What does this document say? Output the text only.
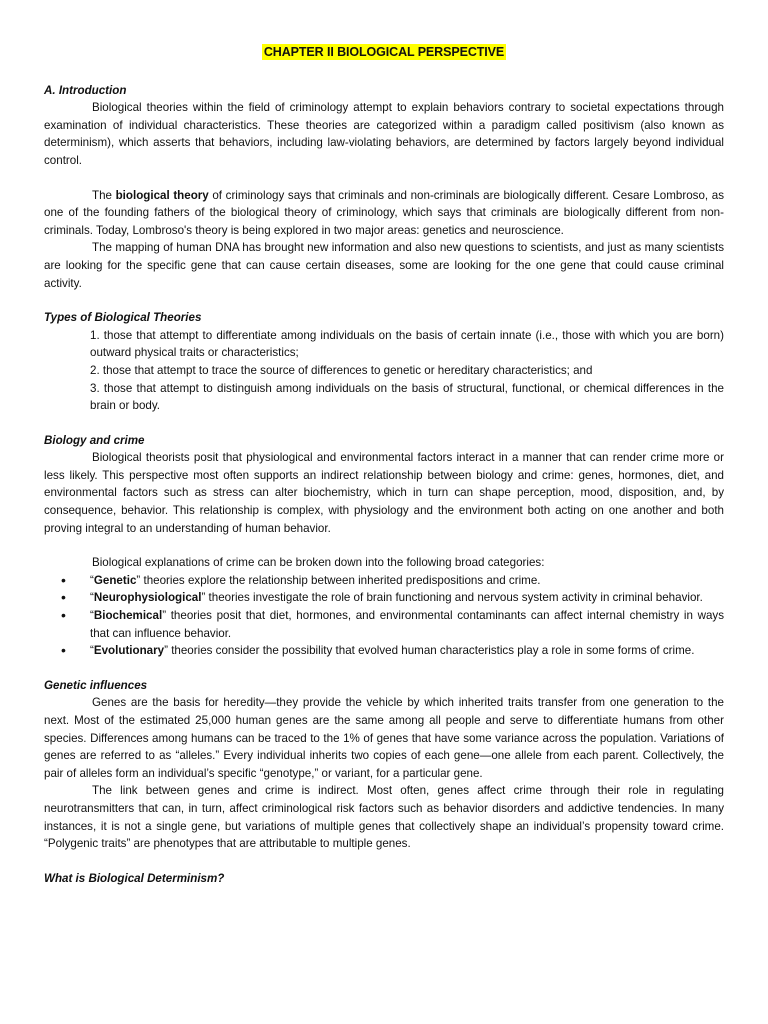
CHAPTER II BIOLOGICAL PERSPECTIVE

A. Introduction

Biological theories within the field of criminology attempt to explain behaviors contrary to societal expectations through examination of individual characteristics. These theories are categorized within a paradigm called positivism (also known as determinism), which asserts that behaviors, including law-violating behaviors, are determined by factors largely beyond individual control.

The biological theory of criminology says that criminals and non-criminals are biologically different. Cesare Lombroso, as one of the founding fathers of the biological theory of criminology, which says that criminals are biologically different from non-criminals. Today, Lombroso's theory is being explored in two major areas: genetics and neuroscience.

The mapping of human DNA has brought new information and also new questions to scientists, and just as many scientists are looking for the specific gene that can cause certain diseases, some are looking for the one gene that could cause criminal activity.

Types of Biological Theories

1. those that attempt to differentiate among individuals on the basis of certain innate (i.e., those with which you are born) outward physical traits or characteristics;

2. those that attempt to trace the source of differences to genetic or hereditary characteristics; and

3. those that attempt to distinguish among individuals on the basis of structural, functional, or chemical differences in the brain or body.

Biology and crime

Biological theorists posit that physiological and environmental factors interact in a manner that can render crime more or less likely. This perspective most often supports an indirect relationship between biology and crime: genes, hormones, diet, and environmental factors such as stress can alter biochemistry, which in turn can shape perception, mood, disposition, and, by consequence, behavior. This relationship is complex, with physiology and the environment both acting on one another and both proving integral to an understanding of human behavior.

Biological explanations of crime can be broken down into the following broad categories:

• “Genetic” theories explore the relationship between inherited predispositions and crime.
• “Neurophysiological” theories investigate the role of brain functioning and nervous system activity in criminal behavior.
• “Biochemical” theories posit that diet, hormones, and environmental contaminants can affect internal chemistry in ways that can influence behavior.
• “Evolutionary” theories consider the possibility that evolved human characteristics play a role in some forms of crime.

Genetic influences

Genes are the basis for heredity—they provide the vehicle by which inherited traits transfer from one generation to the next. Most of the estimated 25,000 human genes are the same among all people and serve to differentiate humans from other species. Differences among humans can be traced to the 1% of genes that have some variance across the population. Variations of genes are referred to as “alleles.” Every individual inherits two copies of each gene—one allele from each parent. Collectively, the pair of alleles form an individual’s specific “genotype,” or variant, for a particular gene.

The link between genes and crime is indirect. Most often, genes affect crime through their role in regulating neurotransmitters that can, in turn, affect criminological risk factors such as behavior disorders and addictive tendencies. In many instances, it is not a single gene, but variations of multiple genes that collectively shape an individual’s propensity toward crime. “Polygenic traits” are phenotypes that are attributable to multiple genes.

What is Biological Determinism?
